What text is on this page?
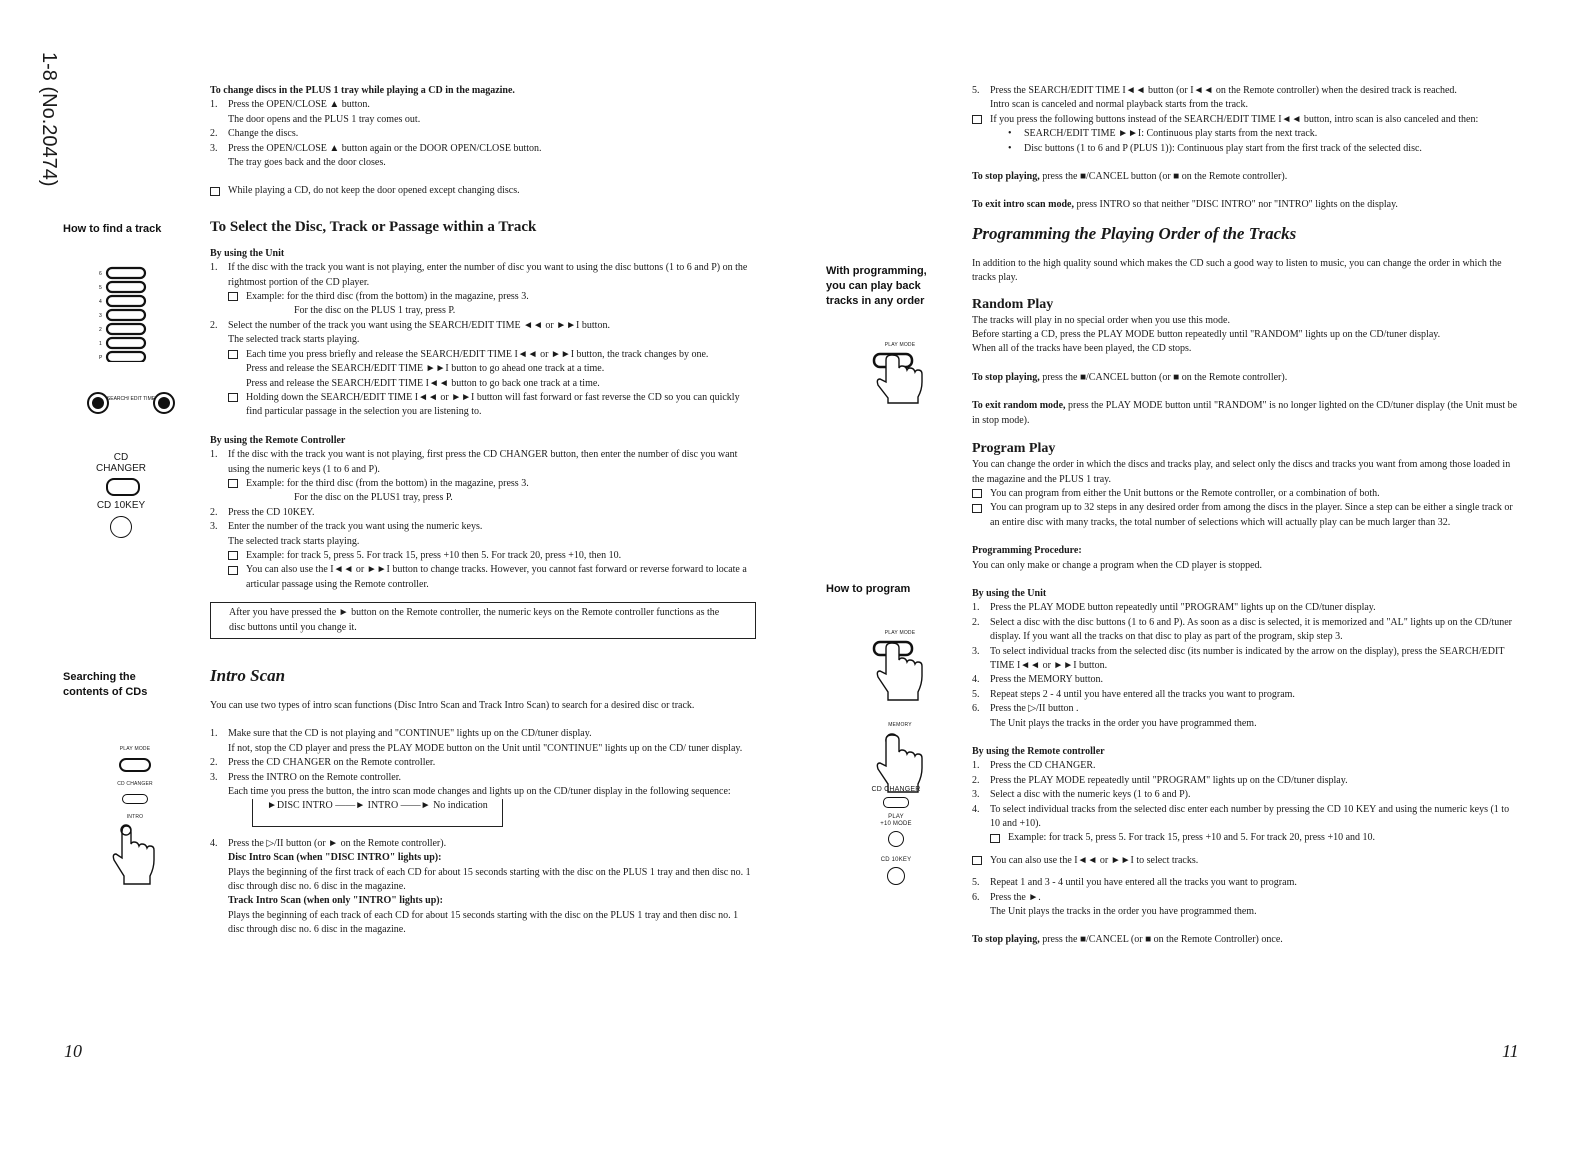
1-8 (No.20474)
How to find a track
Searching the contents of CDs
With programming, you can play back tracks in any order
How to program
6
5
4
3
2
1
P
SEARCH/ EDIT TIME
CD CHANGER
CD 10KEY
PLAY MODE
CD CHANGER
INTRO
PLAY MODE
PLAY MODE
MEMORY
CD CHANGER
PLAY
+10 MODE
CD 10KEY

To change discs in the PLUS 1 tray while playing a CD in the magazine.

1. Press the OPEN/CLOSE ▲ button.

The door opens and the PLUS 1 tray comes out.

2. Change the discs.

3. Press the OPEN/CLOSE ▲ button again or the DOOR OPEN/CLOSE button.

The tray goes back and the door closes.

While playing a CD, do not keep the door opened except changing discs.

To Select the Disc, Track or Passage within a Track

By using the Unit

1. If the disc with the track you want is not playing, enter the number of disc you want to using the disc buttons (1 to 6 and P) on the rightmost portion of the CD player.

Example: for the third disc (from the bottom) in the magazine, press 3.

For the disc on the PLUS 1 tray, press P.

2. Select the number of the track you want using the SEARCH/EDIT TIME ◄◄ or ►►I button.

The selected track starts playing.

Each time you press briefly and release the SEARCH/EDIT TIME I◄◄ or ►►I button, the track changes by one.

Press and release the SEARCH/EDIT TIME ►►I button to go ahead one track at a time.

Press and release the SEARCH/EDIT TIME I◄◄ button to go back one track at a time.

Holding down the SEARCH/EDIT TIME I◄◄ or ►►I button will fast forward or fast reverse the CD so you can quickly find particular passage in the selection you are listening to.

By using the Remote Controller

1. If the disc with the track you want is not playing, first press the CD CHANGER button, then enter the number of disc you want using the numeric keys (1 to 6 and P).

Example: for the third disc (from the bottom) in the magazine, press 3.

For the disc on the PLUS1 tray, press P.

2. Press the CD 10KEY.

3. Enter the number of the track you want using the numeric keys.

The selected track starts playing.

Example: for track 5, press 5. For track 15, press +10 then 5. For track 20, press +10, then 10.

You can also use the I◄◄ or ►►I button to change tracks. However, you cannot fast forward or reverse forward to locate a articular passage using the Remote controller.

After you have pressed the ► button on the Remote controller, the numeric keys on the Remote controller functions as the disc buttons until you change it.

Intro Scan

You can use two types of intro scan functions (Disc Intro Scan and Track Intro Scan) to search for a desired disc or track.

1. Make sure that the CD is not playing and "CONTINUE" lights up on the CD/tuner display.

If not, stop the CD player and press the PLAY MODE button on the Unit until "CONTINUE" lights up on the CD/ tuner display.

2. Press the CD CHANGER on the Remote controller.

3. Press the INTRO on the Remote controller.

Each time you press the button, the intro scan mode changes and lights up on the CD/tuner display in the following sequence:

►DISC INTRO ——► INTRO ——► No indication

4. Press the ▷/II button (or ► on the Remote controller).

Disc Intro Scan (when "DISC INTRO" lights up):

Plays the beginning of the first track of each CD for about 15 seconds starting with the disc on the PLUS 1 tray and then disc no. 1 disc through disc no. 6 disc in the magazine.

Track Intro Scan (when only "INTRO" lights up):

Plays the beginning of each track of each CD for about 15 seconds starting with the disc on the PLUS 1 tray and then disc no. 1 disc through disc no. 6 disc in the magazine.

5. Press the SEARCH/EDIT TIME I◄◄ button (or I◄◄ on the Remote controller) when the desired track is reached.

Intro scan is canceled and normal playback starts from the track.

If you press the following buttons instead of the SEARCH/EDIT TIME I◄◄ button, intro scan is also canceled and then:

• SEARCH/EDIT TIME ►►I: Continuous play starts from the next track.

• Disc buttons (1 to 6 and P (PLUS 1)): Continuous play start from the first track of the selected disc.

To stop playing, press the ■/CANCEL button (or ■ on the Remote controller).

To exit intro scan mode, press INTRO so that neither "DISC INTRO" nor "INTRO" lights on the display.

Programming the Playing Order of the Tracks

In addition to the high quality sound which makes the CD such a good way to listen to music, you can change the order in which the tracks play.

Random Play

The tracks will play in no special order when you use this mode.

Before starting a CD, press the PLAY MODE button repeatedly until "RANDOM" lights up on the CD/tuner display.

When all of the tracks have been played, the CD stops.

To stop playing, press the ■/CANCEL button (or ■ on the Remote controller).

To exit random mode, press the PLAY MODE button until "RANDOM" is no longer lighted on the CD/tuner display (the Unit must be in stop mode).

Program Play

You can change the order in which the discs and tracks play, and select only the discs and tracks you want from among those loaded in the magazine and the PLUS 1 tray.

You can program from either the Unit buttons or the Remote controller, or a combination of both.

You can program up to 32 steps in any desired order from among the discs in the player. Since a step can be either a single track or an entire disc with many tracks, the total number of selections which will actually play can be much larger than 32.

Programming Procedure:

You can only make or change a program when the CD player is stopped.

By using the Unit

1. Press the PLAY MODE button repeatedly until "PROGRAM" lights up on the CD/tuner display.

2. Select a disc with the disc buttons (1 to 6 and P). As soon as a disc is selected, it is memorized and "AL" lights up on the CD/tuner display. If you want all the tracks on that disc to play as part of the program, skip step 3.

3. To select individual tracks from the selected disc (its number is indicated by the arrow on the display), press the SEARCH/EDIT TIME I◄◄ or ►►I button.

4. Press the MEMORY button.

5. Repeat steps 2 - 4 until you have entered all the tracks you want to program.

6. Press the ▷/II button .

The Unit plays the tracks in the order you have programmed them.

By using the Remote controller

1. Press the CD CHANGER.

2. Press the PLAY MODE repeatedly until "PROGRAM" lights up on the CD/tuner display.

3. Select a disc with the numeric keys (1 to 6 and P).

4. To select individual tracks from the selected disc enter each number by pressing the CD 10 KEY and using the numeric keys (1 to 10 and +10).

Example: for track 5, press 5. For track 15, press +10 and 5. For track 20, press +10 and 10.

You can also use the I◄◄ or ►►I to select tracks.

5. Repeat 1 and 3 - 4 until you have entered all the tracks you want to program.

6. Press the ►.

The Unit plays the tracks in the order you have programmed them.

To stop playing, press the ■/CANCEL (or ■ on the Remote Controller) once.

10	11
